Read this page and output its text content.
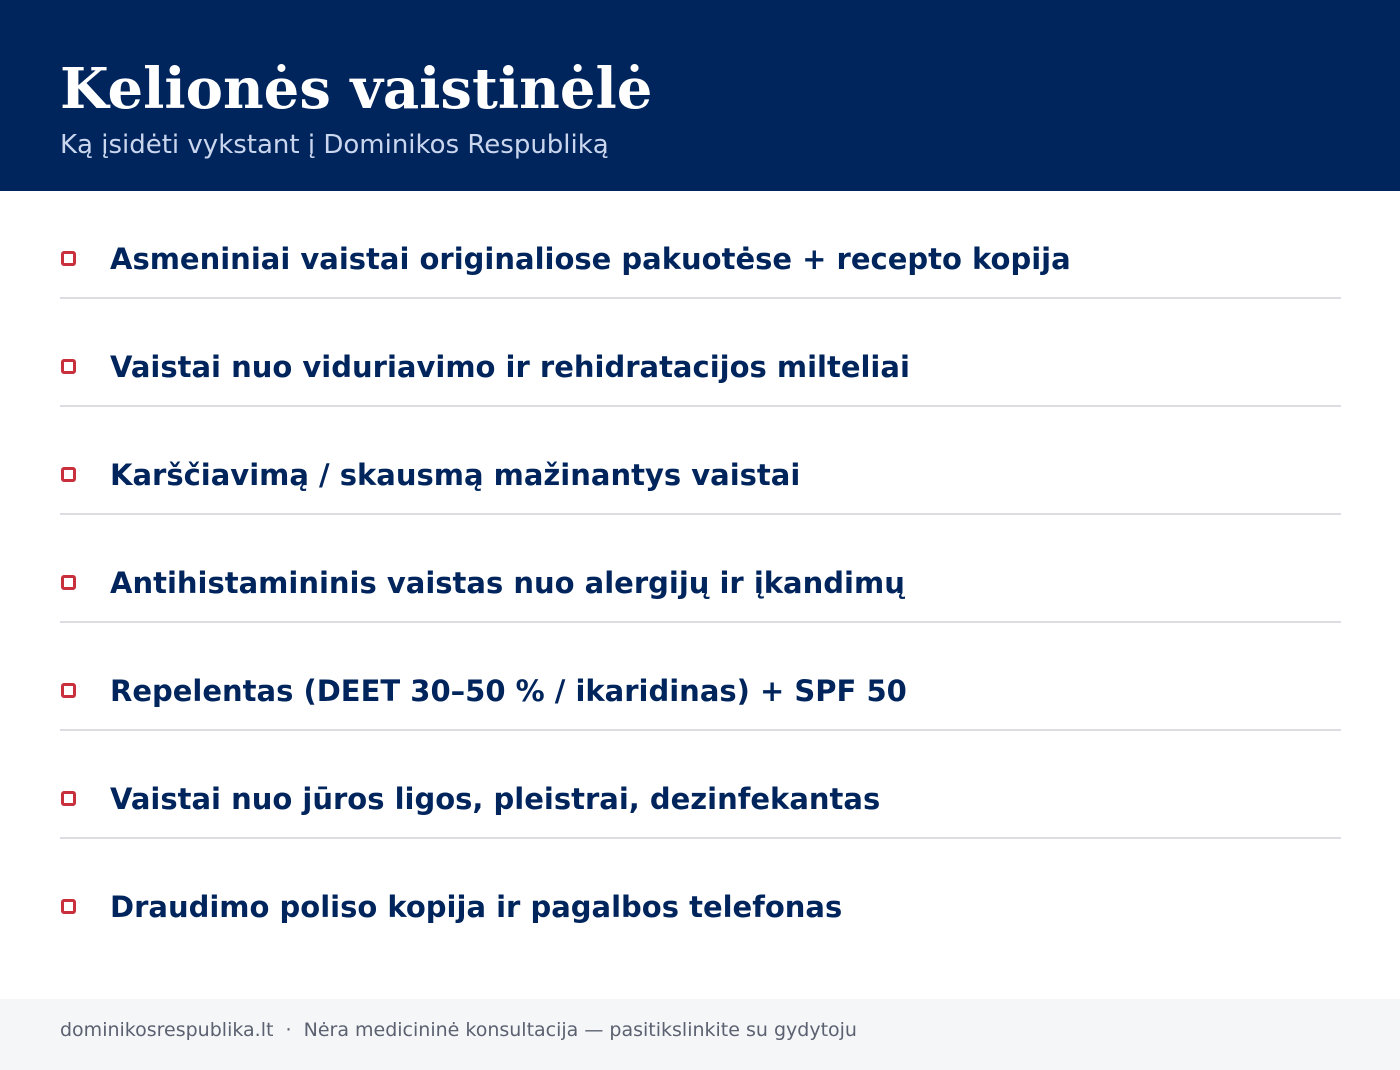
Kelionės vaistinėlė

Ką įsidėti vykstant į Dominikos Respubliką

Asmeniniai vaistai originaliose pakuotėse + recepto kopija
Vaistai nuo viduriavimo ir rehidratacijos milteliai
Karščiavimą / skausmą mažinantys vaistai
Antihistamininis vaistas nuo alergijų ir įkandimų
Repelentas (DEET 30–50 % / ikaridinas) + SPF 50
Vaistai nuo jūros ligos, pleistrai, dezinfekantas
Draudimo poliso kopija ir pagalbos telefonas
dominikosrespublika.lt  ·  Nėra medicininė konsultacija — pasitikslinkite su gydytoju
